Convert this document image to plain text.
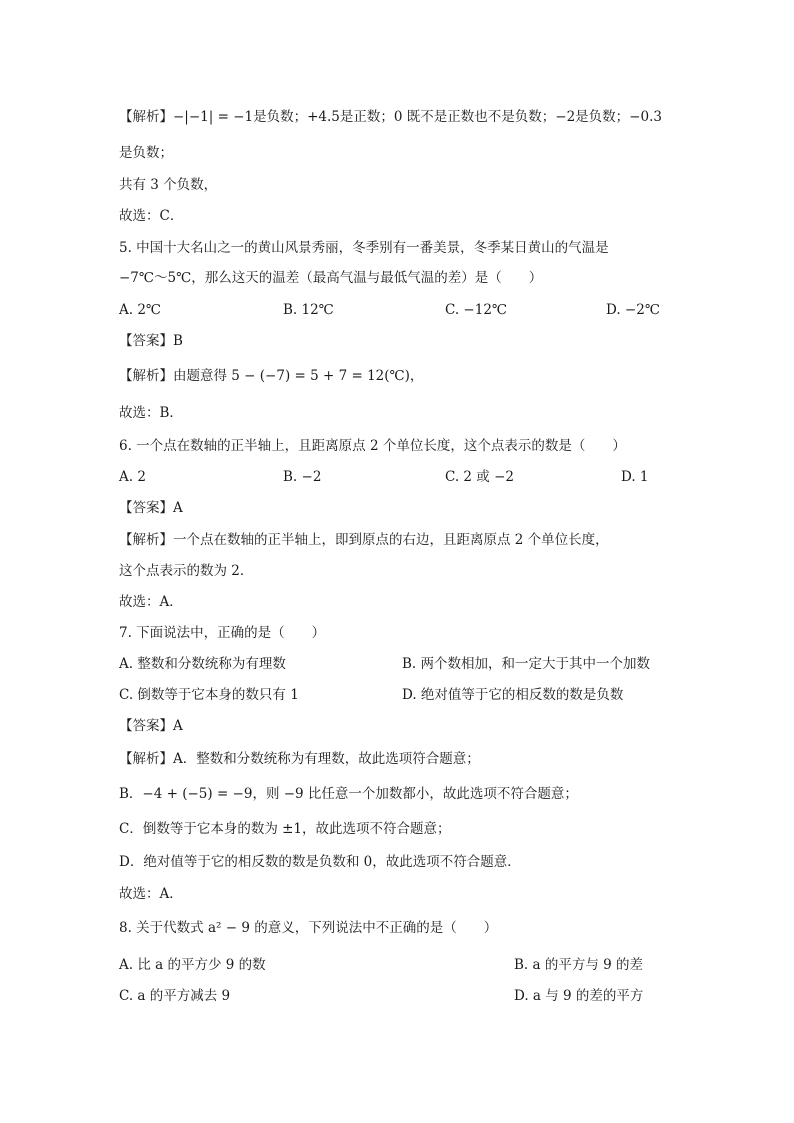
【解析】−|−1| = −1是负数；+4.5是正数；0 既不是正数也不是负数；−2是负数；−0.3
是负数；
共有 3 个负数，
故选：C．
5. 中国十大名山之一的黄山风景秀丽，冬季别有一番美景，冬季某日黄山的气温是
−7℃～5℃，那么这天的温差（最高气温与最低气温的差）是（　　）
A. 2℃	B. 12℃	C. −12℃	D. −2℃
【答案】B
【解析】由题意得 5 − (−7) = 5 + 7 = 12(℃)，
故选：B．
6. 一个点在数轴的正半轴上，且距离原点 2 个单位长度，这个点表示的数是（　　）
A. 2	B. −2	C. 2 或 −2	D. 1
【答案】A
【解析】一个点在数轴的正半轴上，即到原点的右边，且距离原点 2 个单位长度，
这个点表示的数为 2．
故选：A．
7. 下面说法中，正确的是（　　）
A. 整数和分数统称为有理数	B. 两个数相加，和一定大于其中一个加数
C. 倒数等于它本身的数只有 1	D. 绝对值等于它的相反数的数是负数
【答案】A
【解析】A．整数和分数统称为有理数，故此选项符合题意；
B．−4 + (−5) = −9，则 −9 比任意一个加数都小，故此选项不符合题意；
C．倒数等于它本身的数为 ±1，故此选项不符合题意；
D．绝对值等于它的相反数的数是负数和 0，故此选项不符合题意．
故选：A．
8. 关于代数式 a² − 9 的意义，下列说法中不正确的是（　　）
A. 比 a 的平方少 9 的数	B. a 的平方与 9 的差
C. a 的平方减去 9	D. a 与 9 的差的平方
